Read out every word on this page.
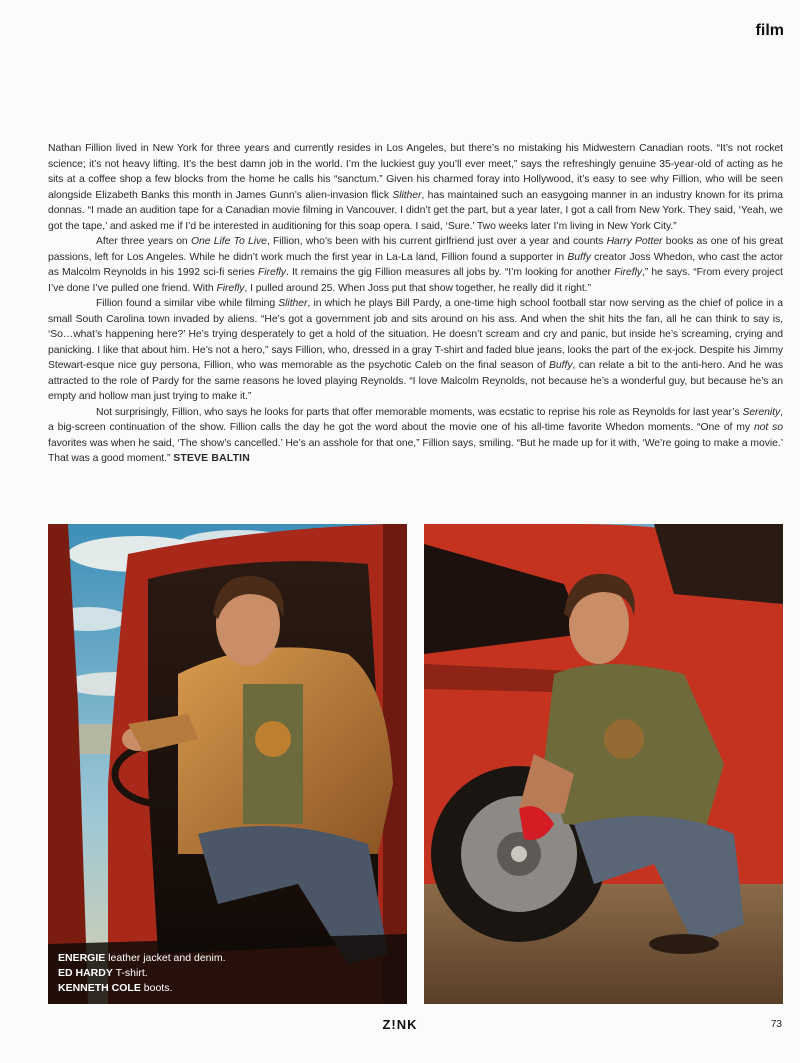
film

Nathan Fillion lived in New York for three years and currently resides in Los Angeles, but there’s no mistaking his Midwestern Canadian roots. “It’s not rocket science; it’s not heavy lifting. It’s the best damn job in the world. I’m the luckiest guy you’ll ever meet,” says the refreshingly genuine 35-year-old of acting as he sits at a coffee shop a few blocks from the home he calls his “sanctum.” Given his charmed foray into Hollywood, it’s easy to see why Fillion, who will be seen alongside Elizabeth Banks this month in James Gunn’s alien-invasion flick Slither, has maintained such an easygoing manner in an industry known for its prima donnas. “I made an audition tape for a Canadian movie filming in Vancouver. I didn’t get the part, but a year later, I got a call from New York. They said, ‘Yeah, we got the tape,’ and asked me if I’d be interested in auditioning for this soap opera. I said, ‘Sure.’ Two weeks later I’m living in New York City.”

After three years on One Life To Live, Fillion, who’s been with his current girlfriend just over a year and counts Harry Potter books as one of his great passions, left for Los Angeles. While he didn’t work much the first year in La-La land, Fillion found a supporter in Buffy creator Joss Whedon, who cast the actor as Malcolm Reynolds in his 1992 sci-fi series Firefly. It remains the gig Fillion measures all jobs by. “I’m looking for another Firefly,” he says. “From every project I’ve done I’ve pulled one friend. With Firefly, I pulled around 25. When Joss put that show together, he really did it right.”

Fillion found a similar vibe while filming Slither, in which he plays Bill Pardy, a one-time high school football star now serving as the chief of police in a small South Carolina town invaded by aliens. “He’s got a government job and sits around on his ass. And when the shit hits the fan, all he can think to say is, ‘So…what’s happening here?’ He’s trying desperately to get a hold of the situation. He doesn’t scream and cry and panic, but inside he’s screaming, crying and panicking. I like that about him. He’s not a hero,” says Fillion, who, dressed in a gray T-shirt and faded blue jeans, looks the part of the ex-jock. Despite his Jimmy Stewart-esque nice guy persona, Fillion, who was memorable as the psychotic Caleb on the final season of Buffy, can relate a bit to the anti-hero. And he was attracted to the role of Pardy for the same reasons he loved playing Reynolds. “I love Malcolm Reynolds, not because he’s a wonderful guy, but because he’s an empty and hollow man just trying to make it.”

Not surprisingly, Fillion, who says he looks for parts that offer memorable moments, was ecstatic to reprise his role as Reynolds for last year’s Serenity, a big-screen continuation of the show. Fillion calls the day he got the word about the movie one of his all-time favorite Whedon moments. “One of my not so favorites was when he said, ‘The show’s cancelled.’ He’s an asshole for that one,” Fillion says, smiling. “But he made up for it with, ‘We’re going to make a movie.’ That was a good moment.” STEVE BALTIN

ENERGIE leather jacket and denim.
ED HARDY T-shirt.
KENNETH COLE boots.
Z!NK	73
